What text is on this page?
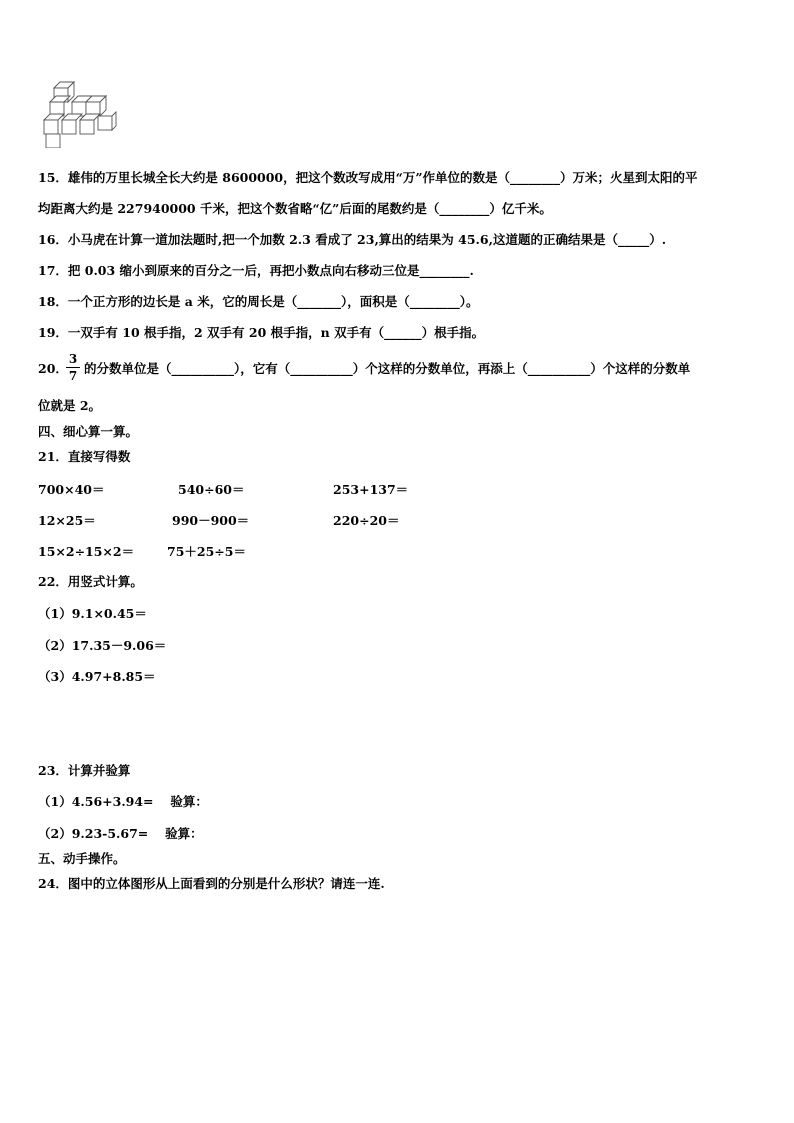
15．雄伟的万里长城全长大约是 8600000，把这个数改写成用“万”作单位的数是（________）万米；火星到太阳的平
均距离大约是 227940000 千米，把这个数省略“亿”后面的尾数约是（________）亿千米。
16．小马虎在计算一道加法题时,把一个加数 2.3 看成了 23,算出的结果为 45.6,这道题的正确结果是（_____）.
17．把 0.03 缩小到原来的百分之一后，再把小数点向右移动三位是________.
18．一个正方形的边长是 a 米，它的周长是（_______），面积是（________）。
19．一双手有 10 根手指，2 双手有 20 根手指，n 双手有（______）根手指。
20．
3
7 的分数单位是（__________），它有（__________）个这样的分数单位，再添上（__________）个这样的分数单
位就是 2。
四、细心算一算。
21．直接写得数
700×40＝	540÷60＝	253+137＝
12×25＝	990－900＝	220÷20＝
15×2÷15×2＝	75＋25÷5＝
22．用竖式计算。
（1）9.1×0.45＝
（2）17.35－9.06＝
（3）4.97+8.85＝
23．计算并验算
（1）4.56+3.94=　 验算：
（2）9.23-5.67=　 验算：
五、动手操作。
24．图中的立体图形从上面看到的分别是什么形状？请连一连.
